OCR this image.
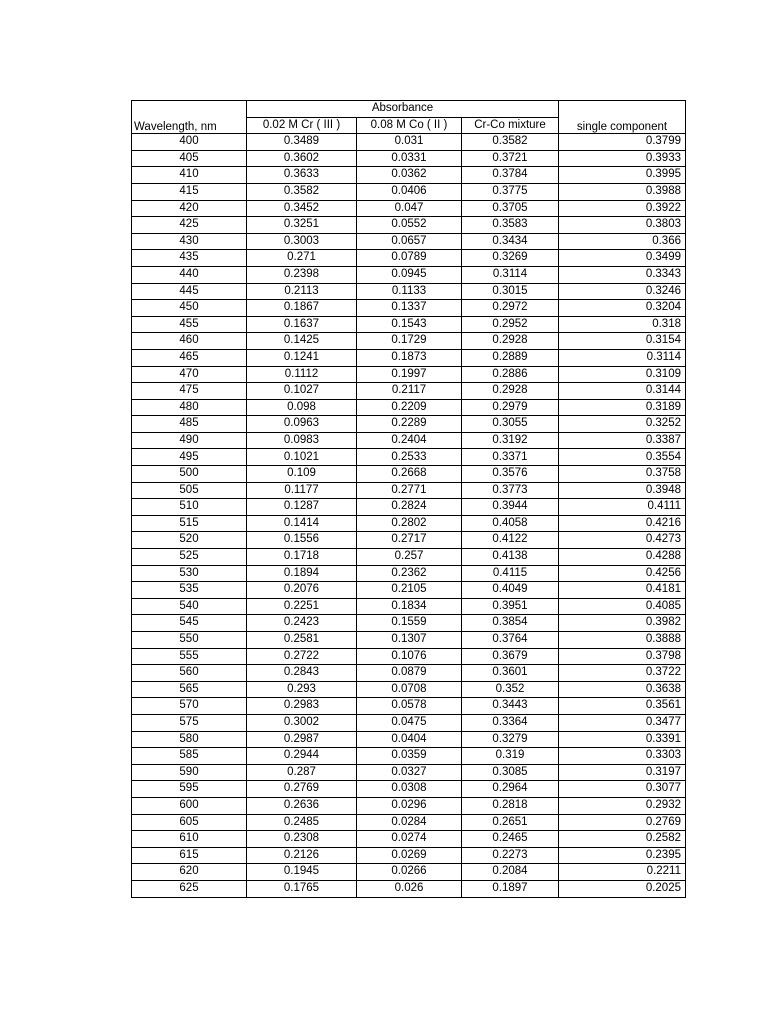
Wavelength, nm	Absorbance			single component
	0.02 M Cr ( III )	0.08 M Co ( II )	Cr-Co mixture	
400	0.3489	0.031	0.3582	0.3799
405	0.3602	0.0331	0.3721	0.3933
410	0.3633	0.0362	0.3784	0.3995
415	0.3582	0.0406	0.3775	0.3988
420	0.3452	0.047	0.3705	0.3922
425	0.3251	0.0552	0.3583	0.3803
430	0.3003	0.0657	0.3434	0.366
435	0.271	0.0789	0.3269	0.3499
440	0.2398	0.0945	0.3114	0.3343
445	0.2113	0.1133	0.3015	0.3246
450	0.1867	0.1337	0.2972	0.3204
455	0.1637	0.1543	0.2952	0.318
460	0.1425	0.1729	0.2928	0.3154
465	0.1241	0.1873	0.2889	0.3114
470	0.1112	0.1997	0.2886	0.3109
475	0.1027	0.2117	0.2928	0.3144
480	0.098	0.2209	0.2979	0.3189
485	0.0963	0.2289	0.3055	0.3252
490	0.0983	0.2404	0.3192	0.3387
495	0.1021	0.2533	0.3371	0.3554
500	0.109	0.2668	0.3576	0.3758
505	0.1177	0.2771	0.3773	0.3948
510	0.1287	0.2824	0.3944	0.4111
515	0.1414	0.2802	0.4058	0.4216
520	0.1556	0.2717	0.4122	0.4273
525	0.1718	0.257	0.4138	0.4288
530	0.1894	0.2362	0.4115	0.4256
535	0.2076	0.2105	0.4049	0.4181
540	0.2251	0.1834	0.3951	0.4085
545	0.2423	0.1559	0.3854	0.3982
550	0.2581	0.1307	0.3764	0.3888
555	0.2722	0.1076	0.3679	0.3798
560	0.2843	0.0879	0.3601	0.3722
565	0.293	0.0708	0.352	0.3638
570	0.2983	0.0578	0.3443	0.3561
575	0.3002	0.0475	0.3364	0.3477
580	0.2987	0.0404	0.3279	0.3391
585	0.2944	0.0359	0.319	0.3303
590	0.287	0.0327	0.3085	0.3197
595	0.2769	0.0308	0.2964	0.3077
600	0.2636	0.0296	0.2818	0.2932
605	0.2485	0.0284	0.2651	0.2769
610	0.2308	0.0274	0.2465	0.2582
615	0.2126	0.0269	0.2273	0.2395
620	0.1945	0.0266	0.2084	0.2211
625	0.1765	0.026	0.1897	0.2025
